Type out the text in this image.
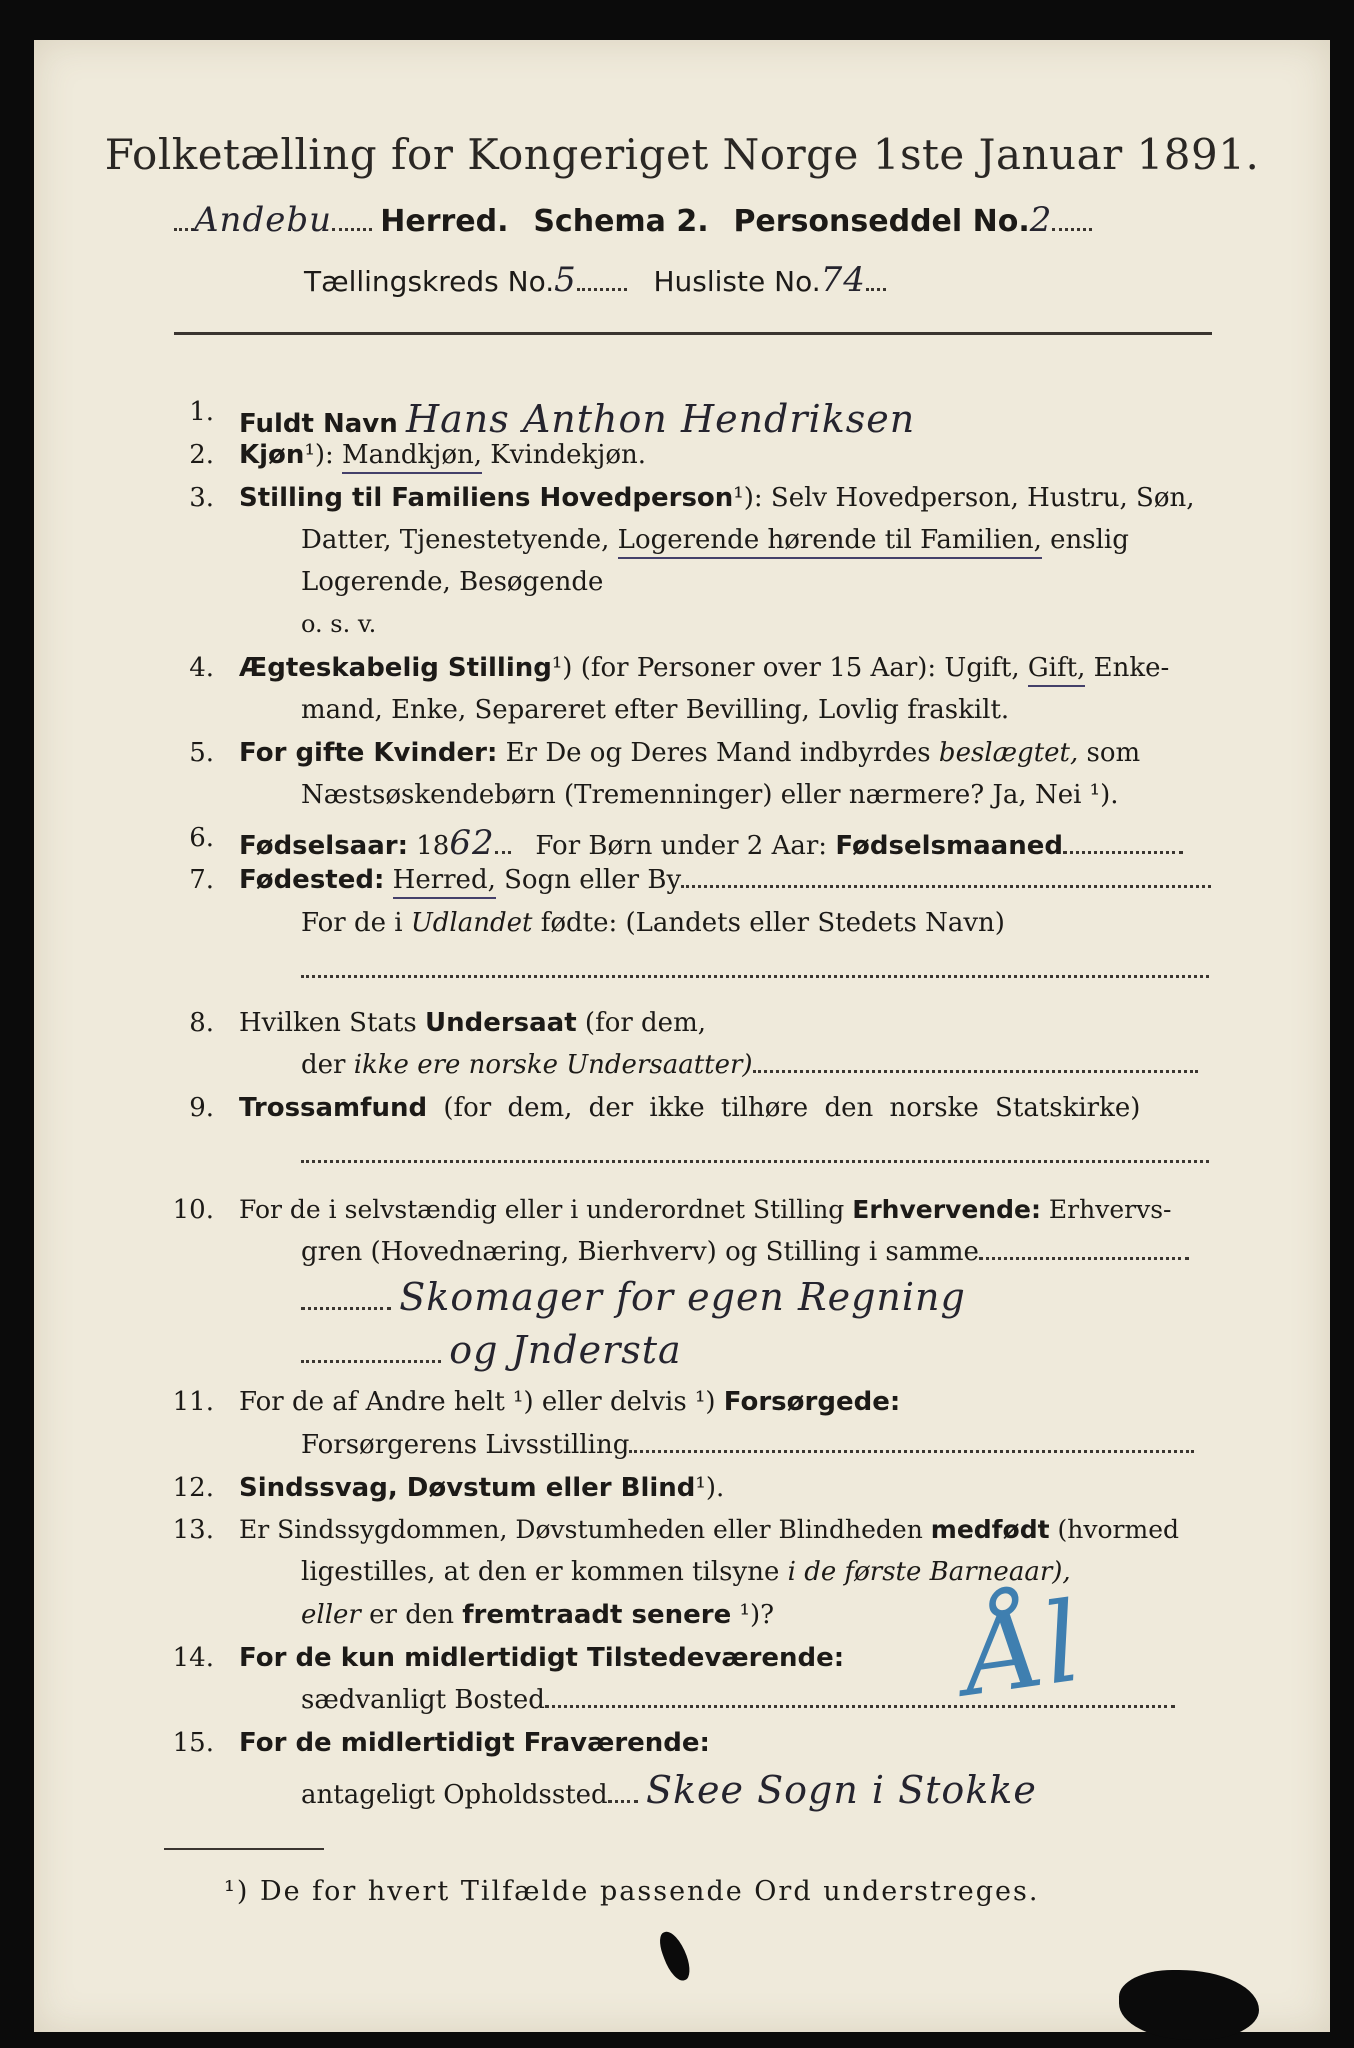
Folketælling for Kongeriget Norge 1ste Januar 1891.
Andebu Herred. Schema 2. Personseddel No.2
Tællingskreds No.5	Husliste No.74
1. Fuldt Navn Hans Anthon Hendriksen
2. Kjøn¹): Mandkjøn, Kvindekjøn.
3. Stilling til Familiens Hovedperson¹): Selv Hovedperson, Hustru, Søn,
Datter, Tjenestetyende, Logerende hørende til Familien, enslig
Logerende, Besøgende
o. s. v.
4. Ægteskabelig Stilling¹) (for Personer over 15 Aar): Ugift, Gift, Enke-
mand, Enke, Separeret efter Bevilling, Lovlig fraskilt.
5. For gifte Kvinder: Er De og Deres Mand indbyrdes beslægtet, som
Næstsøskendebørn (Tremenninger) eller nærmere? Ja, Nei ¹).
6. Fødselsaar: 1862 For Børn under 2 Aar: Fødselsmaaned
7. Fødested: Herred, Sogn eller By
For de i Udlandet fødte: (Landets eller Stedets Navn)
8. Hvilken Stats Undersaat (for dem,
der ikke ere norske Undersaatter)
9. Trossamfund (for dem, der ikke tilhøre den norske Statskirke)
10. For de i selvstændig eller i underordnet Stilling Erhvervende: Erhvervs-
gren (Hovednæring, Bierhverv) og Stilling i samme
Skomager for egen Regning
og Jndersta
11. For de af Andre helt ¹) eller delvis ¹) Forsørgede:
Forsørgerens Livsstilling
12. Sindssvag, Døvstum eller Blind¹).
13. Er Sindssygdommen, Døvstumheden eller Blindheden medfødt (hvormed
ligestilles, at den er kommen tilsyne i de første Barneaar),
eller er den fremtraadt senere ¹)? Ål
14. For de kun midlertidigt Tilstedeværende:
sædvanligt Bosted
15. For de midlertidigt Fraværende:
antageligt Opholdssted Skee Sogn i Stokke
¹) De for hvert Tilfælde passende Ord understreges.
